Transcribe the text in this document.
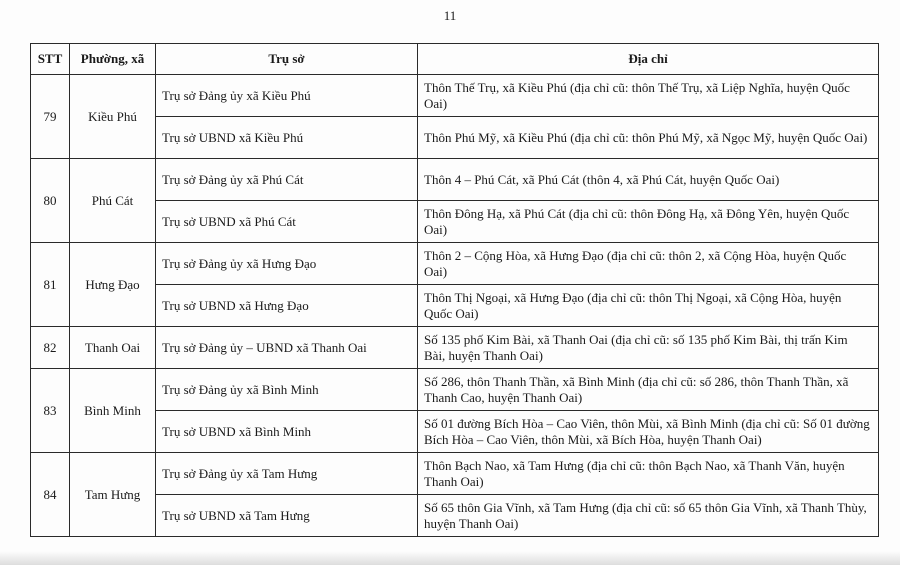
11
STT	Phường, xã	Trụ sở	Địa chỉ
79	Kiều Phú	Trụ sở Đảng ủy xã Kiều Phú	Thôn Thế Trụ, xã Kiều Phú (địa chỉ cũ: thôn Thế Trụ, xã Liệp Nghĩa, huyện Quốc Oai)
		Trụ sở UBND xã Kiều Phú	Thôn Phú Mỹ, xã Kiều Phú (địa chỉ cũ: thôn Phú Mỹ, xã Ngọc Mỹ, huyện Quốc Oai)
80	Phú Cát	Trụ sở Đảng ủy xã Phú Cát	Thôn 4 – Phú Cát, xã Phú Cát (thôn 4, xã Phú Cát, huyện Quốc Oai)
		Trụ sở UBND xã Phú Cát	Thôn Đông Hạ, xã Phú Cát (địa chỉ cũ: thôn Đông Hạ, xã Đông Yên, huyện Quốc Oai)
81	Hưng Đạo	Trụ sở Đảng ủy xã Hưng Đạo	Thôn 2 – Cộng Hòa, xã Hưng Đạo (địa chỉ cũ: thôn 2, xã Cộng Hòa, huyện Quốc Oai)
		Trụ sở UBND xã Hưng Đạo	Thôn Thị Ngoại, xã Hưng Đạo (địa chỉ cũ: thôn Thị Ngoại, xã Cộng Hòa, huyện Quốc Oai)
82	Thanh Oai	Trụ sở Đảng ủy – UBND xã Thanh Oai	Số 135 phố Kim Bài, xã Thanh Oai (địa chỉ cũ: số 135 phố Kim Bài, thị trấn Kim Bài, huyện Thanh Oai)
83	Bình Minh	Trụ sở Đảng ủy xã Bình Minh	Số 286, thôn Thanh Thần, xã Bình Minh (địa chỉ cũ: số 286, thôn Thanh Thần, xã Thanh Cao, huyện Thanh Oai)
		Trụ sở UBND xã Bình Minh	Số 01 đường Bích Hòa – Cao Viên, thôn Mùi, xã Bình Minh (địa chỉ cũ: Số 01 đường Bích Hòa – Cao Viên, thôn Mùi, xã Bích Hòa, huyện Thanh Oai)
84	Tam Hưng	Trụ sở Đảng ủy xã Tam Hưng	Thôn Bạch Nao, xã Tam Hưng (địa chỉ cũ: thôn Bạch Nao, xã Thanh Văn, huyện Thanh Oai)
		Trụ sở UBND xã Tam Hưng	Số 65 thôn Gia Vĩnh, xã Tam Hưng (địa chỉ cũ: số 65 thôn Gia Vĩnh, xã Thanh Thùy, huyện Thanh Oai)
